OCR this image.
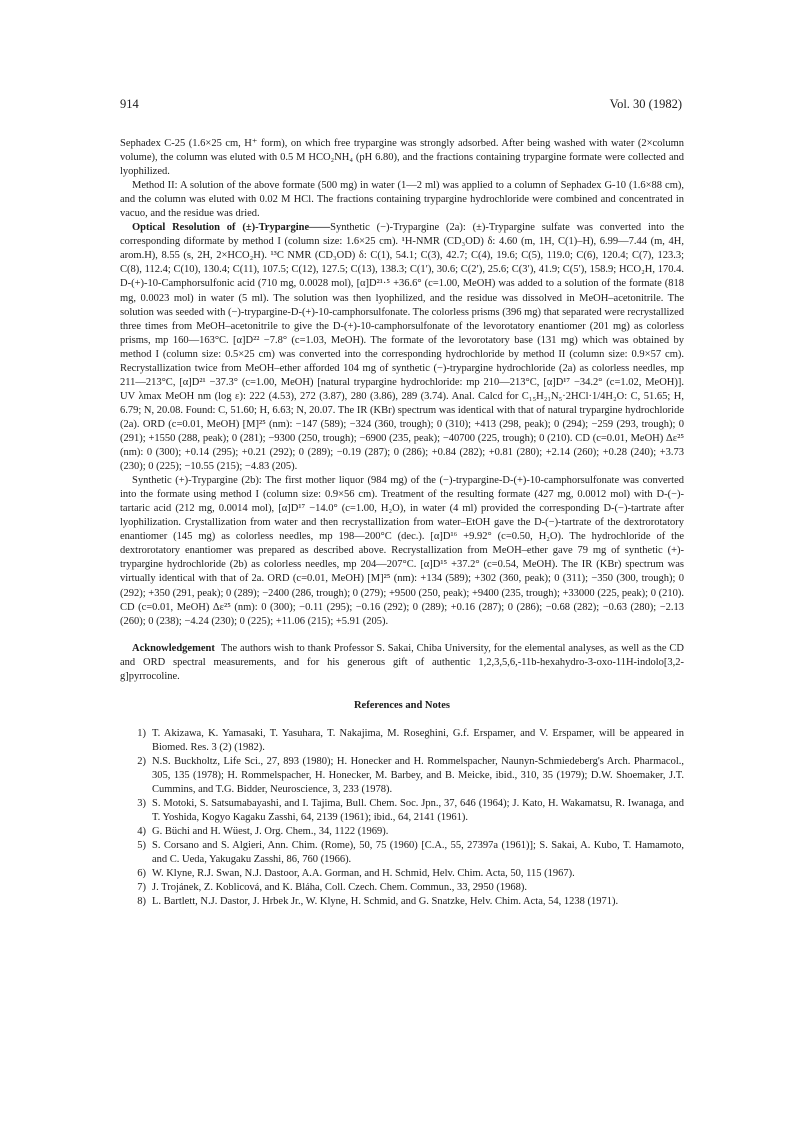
914	Vol. 30 (1982)

Sephadex C-25 (1.6×25 cm, H⁺ form), on which free trypargine was strongly adsorbed. After being washed with water (2×column volume), the column was eluted with 0.5 M HCO₂NH₄ (pH 6.80), and the fractions containing trypargine formate were collected and lyophilized.

Method II: A solution of the above formate (500 mg) in water (1—2 ml) was applied to a column of Sephadex G-10 (1.6×88 cm), and the column was eluted with 0.02 M HCl. The fractions containing trypargine hydrochloride were combined and concentrated in vacuo, and the residue was dried.

Optical Resolution of (±)-Trypargine——Synthetic (−)-Trypargine (2a): (±)-Trypargine sulfate was converted into the corresponding diformate by method I (column size: 1.6×25 cm). ¹H-NMR (CD₃OD) δ: 4.60 (m, 1H, C(1)–H), 6.99—7.44 (m, 4H, arom.H), 8.55 (s, 2H, 2×HCO₂H). ¹³C NMR (CD₃OD) δ: C(1), 54.1; C(3), 42.7; C(4), 19.6; C(5), 119.0; C(6), 120.4; C(7), 123.3; C(8), 112.4; C(10), 130.4; C(11), 107.5; C(12), 127.5; C(13), 138.3; C(1′), 30.6; C(2′), 25.6; C(3′), 41.9; C(5′), 158.9; HCO₂H, 170.4. D-(+)-10-Camphorsulfonic acid (710 mg, 0.0028 mol), [α]D²¹·⁵ +36.6° (c=1.00, MeOH) was added to a solution of the formate (818 mg, 0.0023 mol) in water (5 ml). The solution was then lyophilized, and the residue was dissolved in MeOH–acetonitrile. The solution was seeded with (−)-trypargine-D-(+)-10-camphorsulfonate. The colorless prisms (396 mg) that separated were recrystallized three times from MeOH–acetonitrile to give the D-(+)-10-camphorsulfonate of the levorotatory enantiomer (201 mg) as colorless prisms, mp 160—163°C. [α]D²² −7.8° (c=1.03, MeOH). The formate of the levorotatory base (131 mg) which was obtained by method I (column size: 0.5×25 cm) was converted into the corresponding hydrochloride by method II (column size: 0.9×57 cm). Recrystallization twice from MeOH–ether afforded 104 mg of synthetic (−)-trypargine hydrochloride (2a) as colorless needles, mp 211—213°C, [α]D²¹ −37.3° (c=1.00, MeOH) [natural trypargine hydrochloride: mp 210—213°C, [α]D¹⁷ −34.2° (c=1.02, MeOH)]. UV λmax MeOH nm (log ε): 222 (4.53), 272 (3.87), 280 (3.86), 289 (3.74). Anal. Calcd for C₁₅H₂₁N₅·2HCl·1/4H₂O: C, 51.65; H, 6.79; N, 20.08. Found: C, 51.60; H, 6.63; N, 20.07. The IR (KBr) spectrum was identical with that of natural trypargine hydrochloride (2a). ORD (c=0.01, MeOH) [M]²⁵ (nm): −147 (589); −324 (360, trough); 0 (310); +413 (298, peak); 0 (294); −259 (293, trough); 0 (291); +1550 (288, peak); 0 (281); −9300 (250, trough); −6900 (235, peak); −40700 (225, trough); 0 (210). CD (c=0.01, MeOH) Δε²⁵ (nm): 0 (300); +0.14 (295); +0.21 (292); 0 (289); −0.19 (287); 0 (286); +0.84 (282); +0.81 (280); +2.14 (260); +0.28 (240); +3.73 (230); 0 (225); −10.55 (215); −4.83 (205).

Synthetic (+)-Trypargine (2b): The first mother liquor (984 mg) of the (−)-trypargine-D-(+)-10-camphorsulfonate was converted into the formate using method I (column size: 0.9×56 cm). Treatment of the resulting formate (427 mg, 0.0012 mol) with D-(−)-tartaric acid (212 mg, 0.0014 mol), [α]D¹⁷ −14.0° (c=1.00, H₂O), in water (4 ml) provided the corresponding D-(−)-tartrate after lyophilization. Crystallization from water and then recrystallization from water–EtOH gave the D-(−)-tartrate of the dextrorotatory enantiomer (145 mg) as colorless needles, mp 198—200°C (dec.). [α]D¹⁶ +9.92° (c=0.50, H₂O). The hydrochloride of the dextrorotatory enantiomer was prepared as described above. Recrystallization from MeOH–ether gave 79 mg of synthetic (+)-trypargine hydrochloride (2b) as colorless needles, mp 204—207°C. [α]D¹⁵ +37.2° (c=0.54, MeOH). The IR (KBr) spectrum was virtually identical with that of 2a. ORD (c=0.01, MeOH) [M]²⁵ (nm): +134 (589); +302 (360, peak); 0 (311); −350 (300, trough); 0 (292); +350 (291, peak); 0 (289); −2400 (286, trough); 0 (279); +9500 (250, peak); +9400 (235, trough); +33000 (225, peak); 0 (210). CD (c=0.01, MeOH) Δε²⁵ (nm): 0 (300); −0.11 (295); −0.16 (292); 0 (289); +0.16 (287); 0 (286); −0.68 (282); −0.63 (280); −2.13 (260); 0 (238); −4.24 (230); 0 (225); +11.06 (215); +5.91 (205).

Acknowledgement The authors wish to thank Professor S. Sakai, Chiba University, for the elemental analyses, as well as the CD and ORD spectral measurements, and for his generous gift of authentic 1,2,3,5,6,-11b-hexahydro-3-oxo-11H-indolo[3,2-g]pyrrocoline.

References and Notes
1) T. Akizawa, K. Yamasaki, T. Yasuhara, T. Nakajima, M. Roseghini, G.f. Erspamer, and V. Erspamer, will be appeared in Biomed. Res. 3 (2) (1982).
2) N.S. Buckholtz, Life Sci., 27, 893 (1980); H. Honecker and H. Rommelspacher, Naunyn-Schmiedeberg's Arch. Pharmacol., 305, 135 (1978); H. Rommelspacher, H. Honecker, M. Barbey, and B. Meicke, ibid., 310, 35 (1979); D.W. Shoemaker, J.T. Cummins, and T.G. Bidder, Neuroscience, 3, 233 (1978).
3) S. Motoki, S. Satsumabayashi, and I. Tajima, Bull. Chem. Soc. Jpn., 37, 646 (1964); J. Kato, H. Wakamatsu, R. Iwanaga, and T. Yoshida, Kogyo Kagaku Zasshi, 64, 2139 (1961); ibid., 64, 2141 (1961).
4) G. Büchi and H. Wüest, J. Org. Chem., 34, 1122 (1969).
5) S. Corsano and S. Algieri, Ann. Chim. (Rome), 50, 75 (1960) [C.A., 55, 27397a (1961)]; S. Sakai, A. Kubo, T. Hamamoto, and C. Ueda, Yakugaku Zasshi, 86, 760 (1966).
6) W. Klyne, R.J. Swan, N.J. Dastoor, A.A. Gorman, and H. Schmid, Helv. Chim. Acta, 50, 115 (1967).
7) J. Trojánek, Z. Koblicová, and K. Bláha, Coll. Czech. Chem. Commun., 33, 2950 (1968).
8) L. Bartlett, N.J. Dastor, J. Hrbek Jr., W. Klyne, H. Schmid, and G. Snatzke, Helv. Chim. Acta, 54, 1238 (1971).
